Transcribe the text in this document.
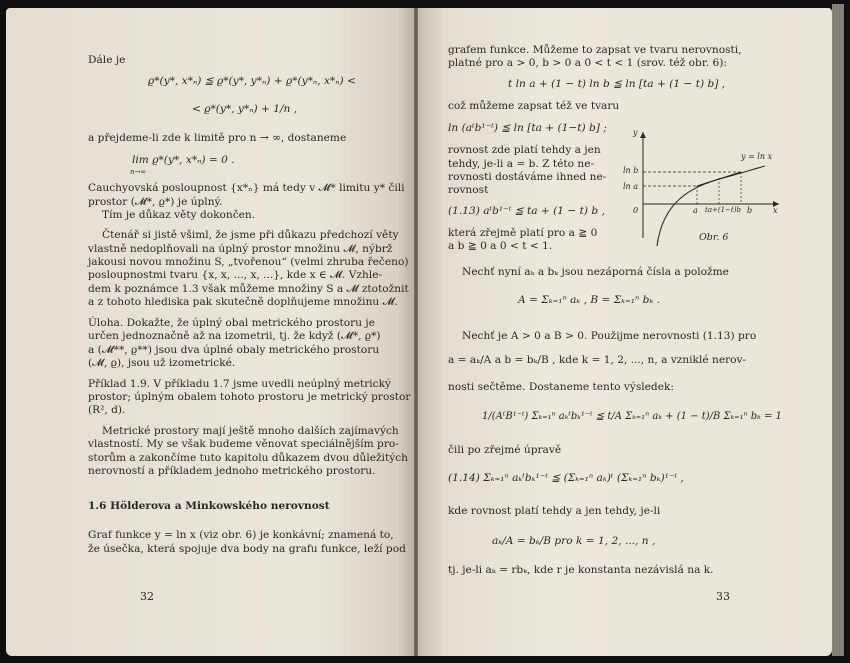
Dále je
ϱ*(y*, x*ₙ) ≦ ϱ*(y*, y*ₙ) + ϱ*(y*ₙ, x*ₙ) <
< ϱ*(y*, y*ₙ) + 1/n ,
a přejdeme-li zde k limitě pro n → ∞, dostaneme
lim ϱ*(y*, x*ₙ) = 0 .
n→∞
Cauchyovská posloupnost {x*ₙ} má tedy v 𝓜* limitu y* čili
prostor (𝓜*, ϱ*) je úplný.
Tím je důkaz věty dokončen.
Čtenář si jistě všiml, že jsme při důkazu předchozí věty
vlastně nedoplňovali na úplný prostor množinu 𝓜, nýbrž
jakousi novou množinu S, „tvořenou“ (velmi zhruba řečeno)
posloupnostmi tvaru {x, x, ..., x, ...}, kde x ∈ 𝓜. Vzhle-
dem k poznámce 1.3 však můžeme množiny S a 𝓜 ztotožnit
a z tohoto hlediska pak skutečně doplňujeme množinu 𝓜.
Úloha. Dokažte, že úplný obal metrického prostoru je
určen jednoznačně až na izometrii, tj. že když (𝓜*, ϱ*)
a (𝓜**, ϱ**) jsou dva úplné obaly metrického prostoru
(𝓜, ϱ), jsou už izometrické.
Příklad 1.9. V příkladu 1.7 jsme uvedli neúplný metrický
prostor; úplným obalem tohoto prostoru je metrický prostor
(R², d).
Metrické prostory mají ještě mnoho dalších zajímavých
vlastností. My se však budeme věnovat speciálnějším pro-
storům a zakončíme tuto kapitolu důkazem dvou důležitých
nerovností a příkladem jednoho metrického prostoru.
1.6 Hölderova a Minkowského nerovnost
Graf funkce y = ln x (viz obr. 6) je konkávní; znamená to,
že úsečka, která spojuje dva body na grafu funkce, leží pod
32
grafem funkce. Můžeme to zapsat ve tvaru nerovnosti,
platné pro a > 0, b > 0 a 0 < t < 1 (srov. též obr. 6):
t ln a + (1 − t) ln b ≦ ln [ta + (1 − t) b] ,
což můžeme zapsat též ve tvaru
ln (aᵗb¹⁻ᵗ) ≦ ln [ta + (1−t) b] ;
rovnost zde platí tehdy a jen
tehdy, je-li a = b. Z této ne-
rovnosti dostáváme ihned ne-
rovnost
(1.13) aᵗb¹⁻ᵗ ≦ ta + (1 − t) b ,
která zřejmě platí pro a ≧ 0
a b ≧ 0 a 0 < t < 1.
Nechť nyní aₖ a bₖ jsou nezáporná čísla a položme
A = Σₖ₌₁ⁿ aₖ , B = Σₖ₌₁ⁿ bₖ .
Nechť je A > 0 a B > 0. Použijme nerovnosti (1.13) pro
a = aₖ/A a b = bₖ/B , kde k = 1, 2, ..., n, a vzniklé nerov-
nosti sečtěme. Dostaneme tento výsledek:
1/(AᵗB¹⁻ᵗ) Σₖ₌₁ⁿ aₖᵗbₖ¹⁻ᵗ ≦ t/A Σₖ₌₁ⁿ aₖ + (1 − t)/B Σₖ₌₁ⁿ bₖ = 1
čili po zřejmé úpravě
(1.14) Σₖ₌₁ⁿ aₖᵗbₖ¹⁻ᵗ ≦ (Σₖ₌₁ⁿ aₖ)ᵗ (Σₖ₌₁ⁿ bₖ)¹⁻ᵗ ,
kde rovnost platí tehdy a jen tehdy, je-li
aₖ/A = bₖ/B pro k = 1, 2, ..., n ,
tj. je-li aₖ = rbₖ, kde r je konstanta nezávislá na k.
33
y
x
y = ln x
ln b
ln a
0	a ta+(1−t)b b
Obr. 6
